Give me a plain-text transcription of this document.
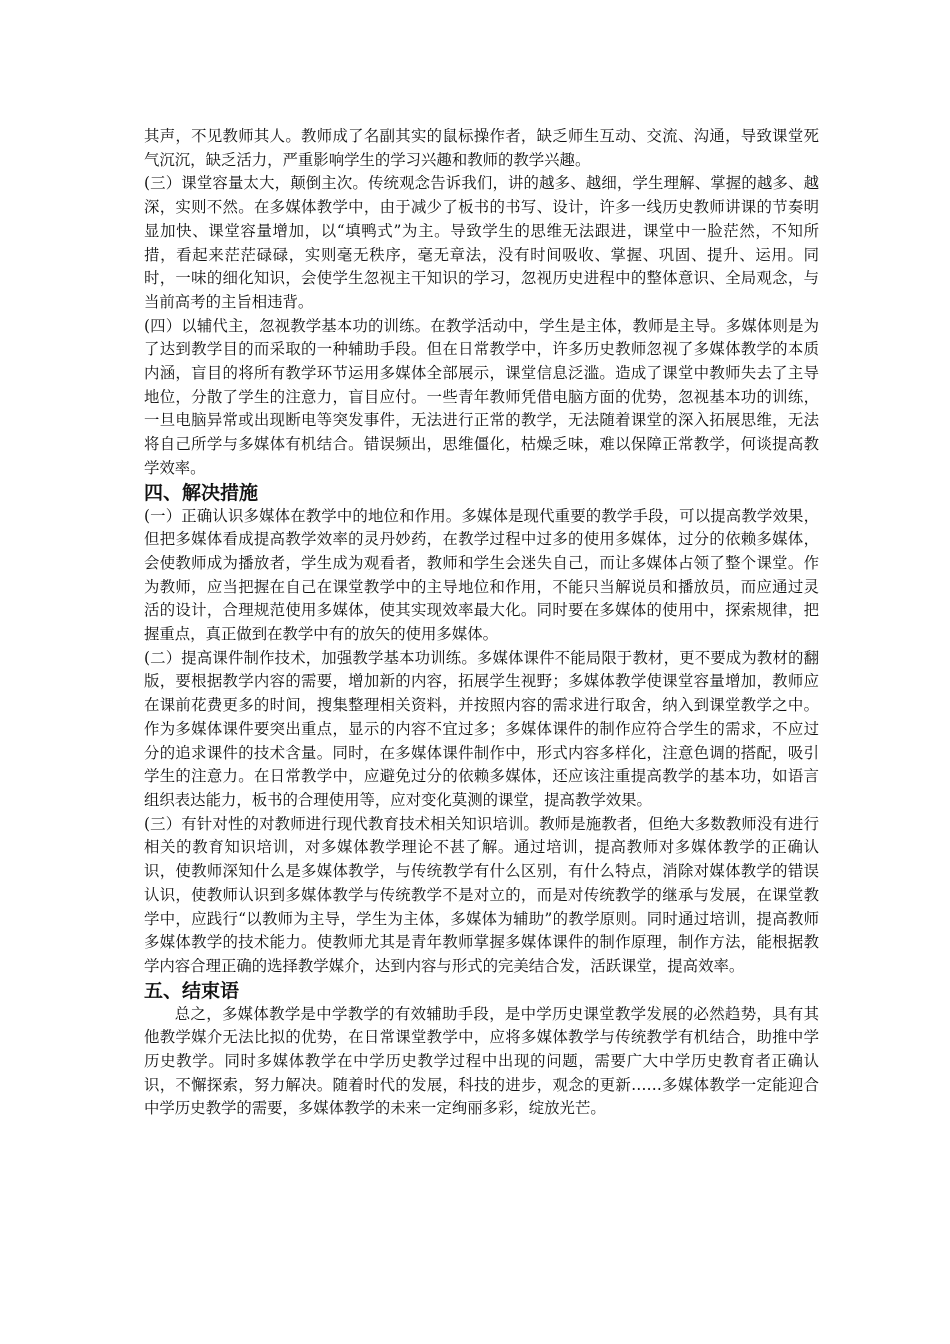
其声，不见教师其人。教师成了名副其实的鼠标操作者，缺乏师生互动、交流、沟通，导致课堂死气沉沉，缺乏活力，严重影响学生的学习兴趣和教师的教学兴趣。

(三）课堂容量太大，颠倒主次。传统观念告诉我们，讲的越多、越细，学生理解、掌握的越多、越深，实则不然。在多媒体教学中，由于减少了板书的书写、设计，许多一线历史教师讲课的节奏明显加快、课堂容量增加，以“填鸭式”为主。导致学生的思维无法跟进，课堂中一脸茫然，不知所措，看起来茫茫碌碌，实则毫无秩序，毫无章法，没有时间吸收、掌握、巩固、提升、运用。同时，一味的细化知识，会使学生忽视主干知识的学习，忽视历史进程中的整体意识、全局观念，与当前高考的主旨相违背。

(四）以辅代主，忽视教学基本功的训练。在教学活动中，学生是主体，教师是主导。多媒体则是为了达到教学目的而采取的一种辅助手段。但在日常教学中，许多历史教师忽视了多媒体教学的本质内涵，盲目的将所有教学环节运用多媒体全部展示，课堂信息泛滥。造成了课堂中教师失去了主导地位，分散了学生的注意力，盲目应付。一些青年教师凭借电脑方面的优势，忽视基本功的训练，一旦电脑异常或出现断电等突发事件，无法进行正常的教学，无法随着课堂的深入拓展思维，无法将自己所学与多媒体有机结合。错误频出，思维僵化，枯燥乏味，难以保障正常教学，何谈提高教学效率。

四、解决措施

(一）正确认识多媒体在教学中的地位和作用。多媒体是现代重要的教学手段，可以提高教学效果，但把多媒体看成提高教学效率的灵丹妙药，在教学过程中过多的使用多媒体，过分的依赖多媒体，会使教师成为播放者，学生成为观看者，教师和学生会迷失自己，而让多媒体占领了整个课堂。作为教师，应当把握在自己在课堂教学中的主导地位和作用，不能只当解说员和播放员，而应通过灵活的设计，合理规范使用多媒体，使其实现效率最大化。同时要在多媒体的使用中，探索规律，把握重点，真正做到在教学中有的放矢的使用多媒体。

(二）提高课件制作技术，加强教学基本功训练。多媒体课件不能局限于教材，更不要成为教材的翻版，要根据教学内容的需要，增加新的内容，拓展学生视野；多媒体教学使课堂容量增加，教师应在课前花费更多的时间，搜集整理相关资料，并按照内容的需求进行取舍，纳入到课堂教学之中。作为多媒体课件要突出重点，显示的内容不宜过多；多媒体课件的制作应符合学生的需求，不应过分的追求课件的技术含量。同时，在多媒体课件制作中，形式内容多样化，注意色调的搭配，吸引学生的注意力。在日常教学中，应避免过分的依赖多媒体，还应该注重提高教学的基本功，如语言组织表达能力，板书的合理使用等，应对变化莫测的课堂，提高教学效果。

(三）有针对性的对教师进行现代教育技术相关知识培训。教师是施教者，但绝大多数教师没有进行相关的教育知识培训，对多媒体教学理论不甚了解。通过培训，提高教师对多媒体教学的正确认识，使教师深知什么是多媒体教学，与传统教学有什么区别，有什么特点，消除对媒体教学的错误认识，使教师认识到多媒体教学与传统教学不是对立的，而是对传统教学的继承与发展，在课堂教学中，应践行“以教师为主导，学生为主体，多媒体为辅助”的教学原则。同时通过培训，提高教师多媒体教学的技术能力。使教师尤其是青年教师掌握多媒体课件的制作原理，制作方法，能根据教学内容合理正确的选择教学媒介，达到内容与形式的完美结合发，活跃课堂，提高效率。

五、结束语

总之，多媒体教学是中学教学的有效辅助手段，是中学历史课堂教学发展的必然趋势，具有其他教学媒介无法比拟的优势，在日常课堂教学中，应将多媒体教学与传统教学有机结合，助推中学历史教学。同时多媒体教学在中学历史教学过程中出现的问题，需要广大中学历史教育者正确认识，不懈探索，努力解决。随着时代的发展，科技的进步，观念的更新……多媒体教学一定能迎合中学历史教学的需要，多媒体教学的未来一定绚丽多彩，绽放光芒。
